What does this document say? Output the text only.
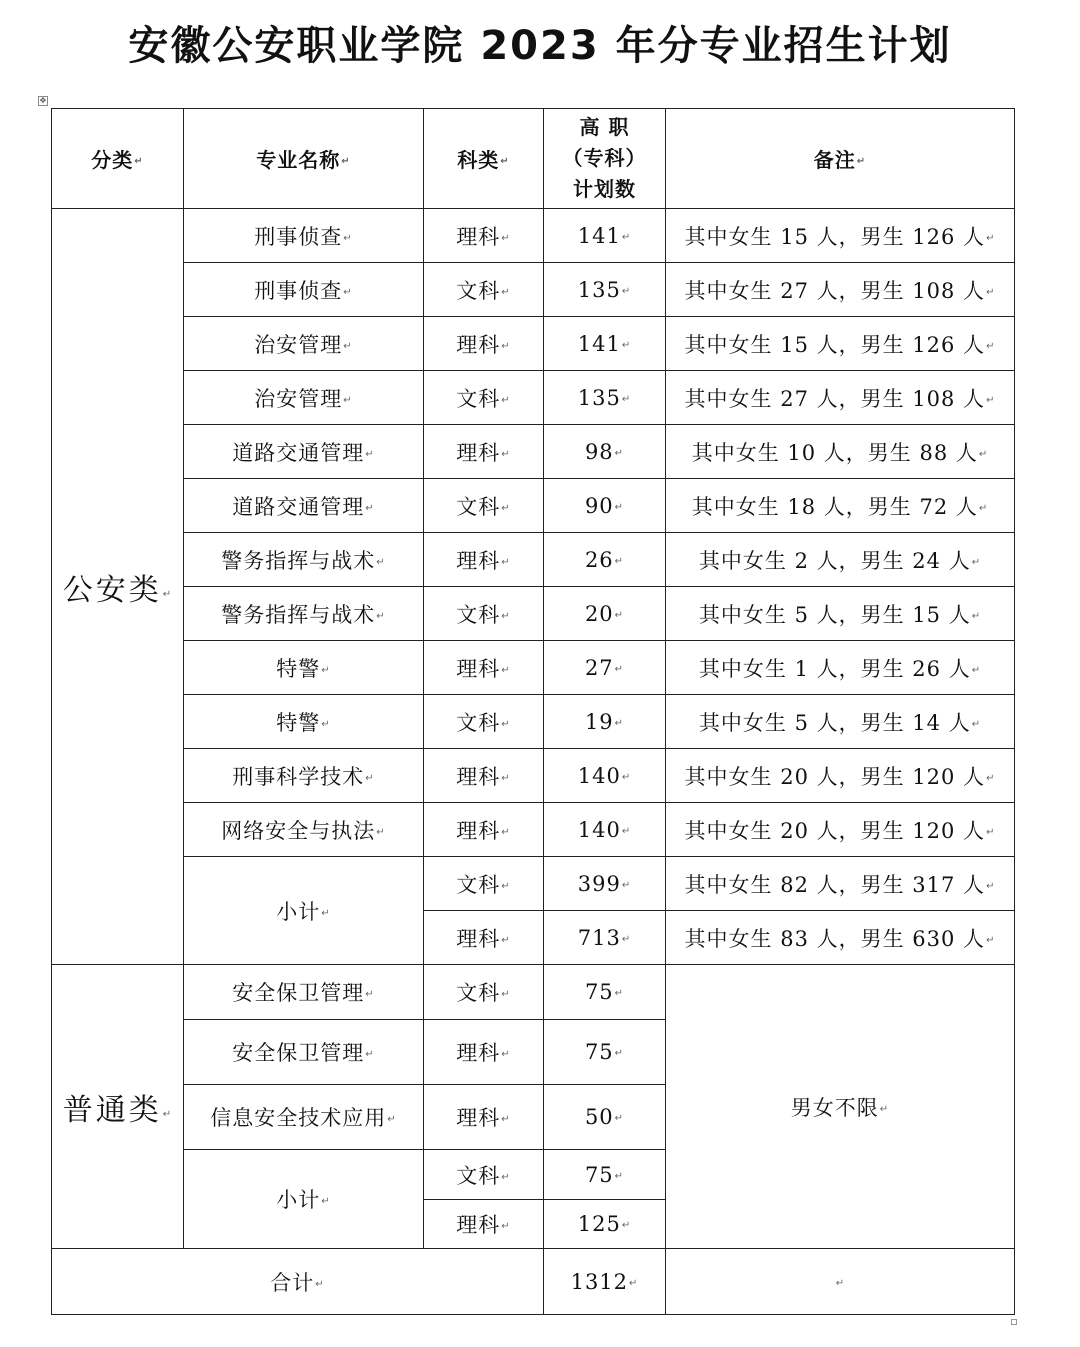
安徽公安职业学院 2023 年分专业招生计划
✥
分类↵	专业名称↵	科类↵	高 职
（专科）
计划数	备注↵
公安类↵	刑事侦查↵	理科↵	141↵	其中女生 15 人，男生 126 人↵
	刑事侦查↵	文科↵	135↵	其中女生 27 人，男生 108 人↵
	治安管理↵	理科↵	141↵	其中女生 15 人，男生 126 人↵
	治安管理↵	文科↵	135↵	其中女生 27 人，男生 108 人↵
	道路交通管理↵	理科↵	98↵	其中女生 10 人，男生 88 人↵
	道路交通管理↵	文科↵	90↵	其中女生 18 人，男生 72 人↵
	警务指挥与战术↵	理科↵	26↵	其中女生 2 人，男生 24 人↵
	警务指挥与战术↵	文科↵	20↵	其中女生 5 人，男生 15 人↵
	特警↵	理科↵	27↵	其中女生 1 人，男生 26 人↵
	特警↵	文科↵	19↵	其中女生 5 人，男生 14 人↵
	刑事科学技术↵	理科↵	140↵	其中女生 20 人，男生 120 人↵
	网络安全与执法↵	理科↵	140↵	其中女生 20 人，男生 120 人↵
	小计↵	文科↵	399↵	其中女生 82 人，男生 317 人↵
		理科↵	713↵	其中女生 83 人，男生 630 人↵
普通类↵	安全保卫管理↵	文科↵	75↵	男女不限↵
	安全保卫管理↵	理科↵	75↵	
	信息安全技术应用↵	理科↵	50↵	
	小计↵	文科↵	75↵	
		理科↵	125↵	
合计↵			1312↵	↵
